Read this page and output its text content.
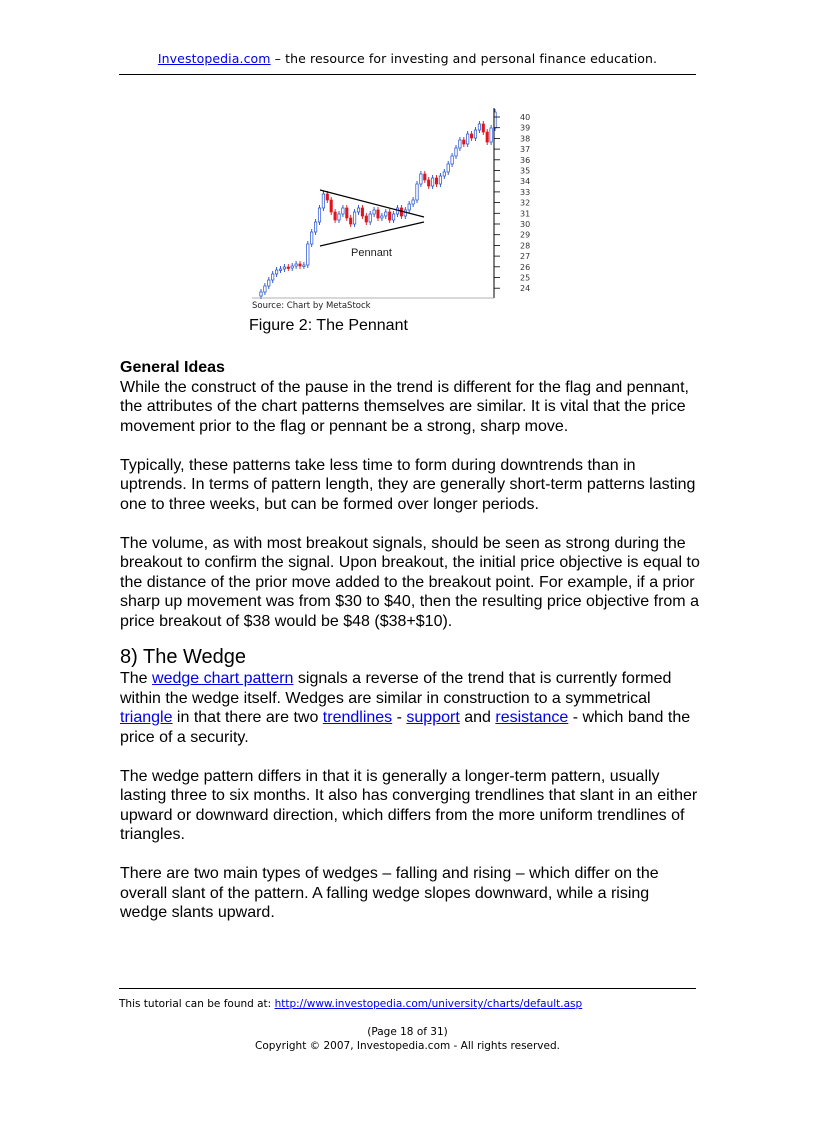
Investopedia.com – the resource for investing and personal finance education.
Pennant
40
39
38
37
36
35
34
33
32
31
30
29
28
27
26
25
24
Source: Chart by MetaStock
Figure 2: The Pennant
General Ideas

While the construct of the pause in the trend is different for the flag and pennant, the attributes of the chart patterns themselves are similar. It is vital that the price movement prior to the flag or pennant be a strong, sharp move.

Typically, these patterns take less time to form during downtrends than in uptrends. In terms of pattern length, they are generally short-term patterns lasting one to three weeks, but can be formed over longer periods.

The volume, as with most breakout signals, should be seen as strong during the breakout to confirm the signal. Upon breakout, the initial price objective is equal to the distance of the prior move added to the breakout point. For example, if a prior sharp up movement was from $30 to $40, then the resulting price objective from a price breakout of $38 would be $48 ($38+$10).

8) The Wedge

The wedge chart pattern signals a reverse of the trend that is currently formed within the wedge itself. Wedges are similar in construction to a symmetrical triangle in that there are two trendlines - support and resistance - which band the price of a security.

The wedge pattern differs in that it is generally a longer-term pattern, usually lasting three to six months. It also has converging trendlines that slant in an either upward or downward direction, which differs from the more uniform trendlines of triangles.

There are two main types of wedges – falling and rising – which differ on the overall slant of the pattern. A falling wedge slopes downward, while a rising wedge slants upward.

This tutorial can be found at: http://www.investopedia.com/university/charts/default.asp
(Page 18 of 31)
Copyright © 2007, Investopedia.com - All rights reserved.
